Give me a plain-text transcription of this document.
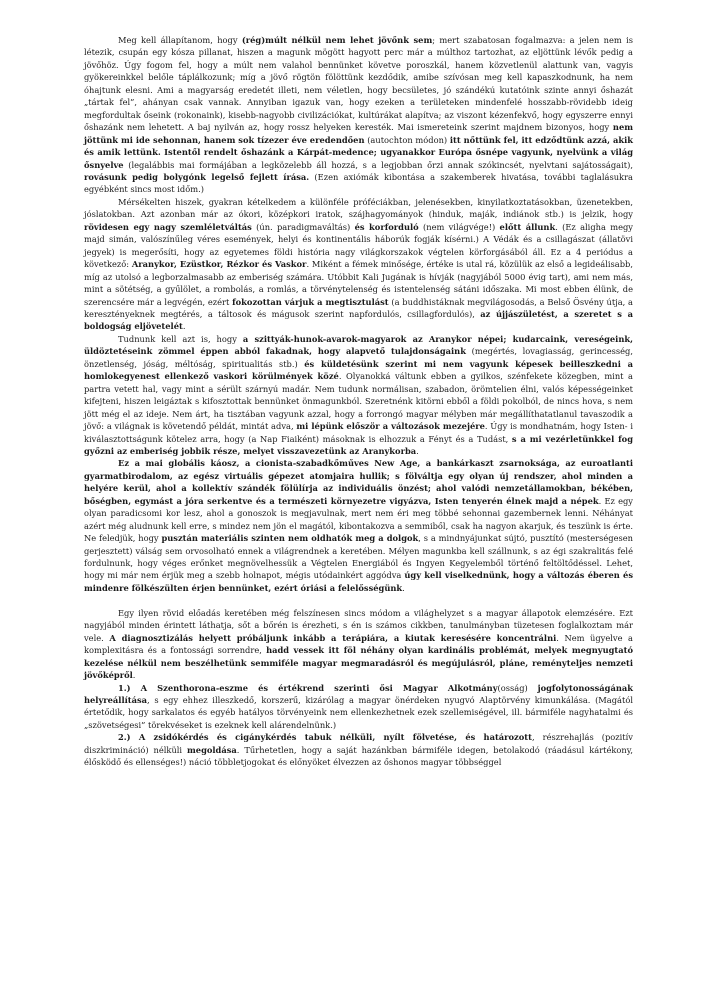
Meg kell állapítanom, hogy (rég)múlt nélkül nem lehet jövőnk sem; mert szabatosan fogalmazva: a jelen nem is létezik, csupán egy kósza pillanat, hiszen a magunk mögött hagyott perc már a múlthoz tartozhat, az eljöttünk lévők pedig a jövőhöz. Úgy fogom fel, hogy a múlt nem valahol bennünket követve poroszkál, hanem közvetlenül alattunk van, vagyis gyökereinkkel belőle táplálkozunk; míg a jövő rögtön fölöttünk kezdődik, amibe szívósan meg kell kapaszkodnunk, ha nem óhajtunk elesni. Ami a magyarság eredetét illeti, nem véletlen, hogy becsületes, jó szándékú kutatóink szinte annyi őshazát „tártak fel”, ahányan csak vannak. Annyiban igazuk van, hogy ezeken a területeken mindenfelé hosszabb-rövidebb ideig megfordultak őseink (rokonaink), kisebb-nagyobb civilizációkat, kultúrákat alapítva; az viszont kézenfekvő, hogy egyszerre ennyi őshazánk nem lehetett. A baj nyilván az, hogy rossz helyeken keresték. Mai ismereteink szerint majdnem bizonyos, hogy nem jöttünk mi ide sehonnan, hanem sok tízezer éve eredendően (autochton módon) itt nőttünk fel, itt edződtünk azzá, akik és amik lettünk. Istentől rendelt őshazánk a Kárpát-medence; ugyanakkor Európa ősnépe vagyunk, nyelvünk a világ ősnyelve (legalábbis mai formájában a legközelebb áll hozzá, s a legjobban őrzi annak szókincsét, nyelvtani sajátosságait), rovásunk pedig bolygónk legelső fejlett írása. (Ezen axiómák kibontása a szakemberek hivatása, további taglalásukra egyébként sincs most időm.)

Mérsékelten hiszek, gyakran kételkedem a különféle próféciákban, jelenésekben, kinyilatkoztatásokban, üzenetekben, jóslatokban. Azt azonban már az ókori, középkori iratok, szájhagyományok (hinduk, maják, indiánok stb.) is jelzik, hogy rövidesen egy nagy szemléletváltás (ún. paradigmaváltás) és korforduló (nem világvége!) előtt állunk. (Ez aligha megy majd simán, valószínűleg véres események, helyi és kontinentális háborúk fogják kísérni.) A Védák és a csillagászat (állatövi jegyek) is megerősíti, hogy az egyetemes földi história nagy világkorszakok végtelen körforgásából áll. Ez a 4 periódus a következő: Aranykor, Ezüstkor, Rézkor és Vaskor. Miként a fémek minősége, értéke is utal rá, közülük az első a legideálisabb, míg az utolsó a legborzalmasabb az emberiség számára. Utóbbit Kali Jugának is hívják (nagyjából 5000 évig tart), ami nem más, mint a sötétség, a gyűlölet, a rombolás, a romlás, a törvénytelenség és istentelenség sátáni időszaka. Mi most ebben élünk, de szerencsére már a legvégén, ezért fokozottan várjuk a megtisztulást (a buddhistáknak megvilágosodás, a Belső Ösvény útja, a keresztényeknek megtérés, a táltosok és mágusok szerint napfordulós, csillagfordulós), az újjászületést, a szeretet s a boldogság eljövetelét.

Tudnunk kell azt is, hogy a szittyák-hunok-avarok-magyarok az Aranykor népei; kudarcaink, vereségeink, üldöztetéseink zömmel éppen abból fakadnak, hogy alapvető tulajdonságaink (megértés, lovagiasság, gerincesség, önzetlenség, jóság, méltóság, spiritualitás stb.) és küldetésünk szerint mi nem vagyunk képesek beilleszkedni a homlokegyenest ellenkező vaskori körülmények közé. Olyanokká váltunk ebben a gyilkos, szénfekete közegben, mint a partra vetett hal, vagy mint a sérült szárnyú madár. Nem tudunk normálisan, szabadon, örömtelien élni, valós képességeinket kifejteni, hiszen leigáztak s kifosztottak bennünket önmagunkból. Szeretnénk kitörni ebből a földi pokolból, de nincs hova, s nem jött még el az ideje. Nem árt, ha tisztában vagyunk azzal, hogy a forrongó magyar mélyben már megállíthatatlanul tavaszodik a jövő: a világnak is követendő példát, mintát adva, mi lépünk először a változások mezejére. Úgy is mondhatnám, hogy Isten- i kiválasztottságunk kötelez arra, hogy (a Nap Fiaiként) másoknak is elhozzuk a Fényt és a Tudást, s a mi vezérletünkkel fog győzni az emberiség jobbik része, melyet visszavezetünk az Aranykorba.

Ez a mai globális káosz, a cionista-szabadkőműves New Age, a bankárkaszt zsarnoksága, az euroatlanti gyarmatbirodalom, az egész virtuális gépezet atomjaira hullik; s fölváltja egy olyan új rendszer, ahol minden a helyére kerül, ahol a kollektív szándék fölülírja az individuális önzést; ahol valódi nemzetállamokban, békében, bőségben, egymást a jóra serkentve és a természeti környezetre vigyázva, Isten tenyerén élnek majd a népek. Ez egy olyan paradicsomi kor lesz, ahol a gonoszok is megjavulnak, mert nem éri meg többé sehonnai gazembernek lenni. Néhányat azért még aludnunk kell erre, s mindez nem jön el magától, kibontakozva a semmiből, csak ha nagyon akarjuk, és teszünk is érte. Ne feledjük, hogy pusztán materiális szinten nem oldhatók meg a dolgok, s a mindnyájunkat sújtó, pusztító (mesterségesen gerjesztett) válság sem orvosolható ennek a világrendnek a keretében. Mélyen magunkba kell szállnunk, s az égi szakralitás felé fordulnunk, hogy véges erőnket megnövelhessük a Végtelen Energiából és Ingyen Kegyelemből történő feltöltődéssel. Lehet, hogy mi már nem érjük meg a szebb holnapot, mégis utódainkért aggódva úgy kell viselkednünk, hogy a változás éberen és mindenre fölkészülten érjen bennünket, ezért óriási a felelősségünk.

Egy ilyen rövid előadás keretében még felszínesen sincs módom a világhelyzet s a magyar állapotok elemzésére. Ezt nagyjából minden érintett láthatja, sőt a bőrén is érezheti, s én is számos cikkben, tanulmányban tüzetesen foglalkoztam már vele. A diagnosztizálás helyett próbáljunk inkább a terápiára, a kiutak keresésére koncentrálni. Nem ügyelve a komplexitásra és a fontossági sorrendre, hadd vessek itt föl néhány olyan kardinális problémát, melyek megnyugtató kezelése nélkül nem beszélhetünk semmiféle magyar megmaradásról és megújulásról, pláne, reményteljes nemzeti jövőképről.

1.) A Szenthorona-eszme és értékrend szerinti ősi Magyar Alkotmány(osság) jogfolytonosságának helyreállítása, s egy ehhez illeszkedő, korszerű, kizárólag a magyar önérdeken nyugvó Alaptörvény kimunkálása. (Magától értetődik, hogy sarkalatos és egyéb hatályos törvényeink nem ellenkezhetnek ezek szellemiségével, ill. bármiféle nagyhatalmi és „szövetségesi” törekvéseket is ezeknek kell alárendelnünk.)

2.) A zsidókérdés és cigánykérdés tabuk nélküli, nyílt fölvetése, és határozott, részrehajlás (pozitív diszkrimináció) nélküli megoldása. Tűrhetetlen, hogy a saját hazánkban bármiféle idegen, betolakodó (ráadásul kártékony, élősködő és ellenséges!) náció többletjogokat és előnyöket élvezzen az őshonos magyar többséggel
